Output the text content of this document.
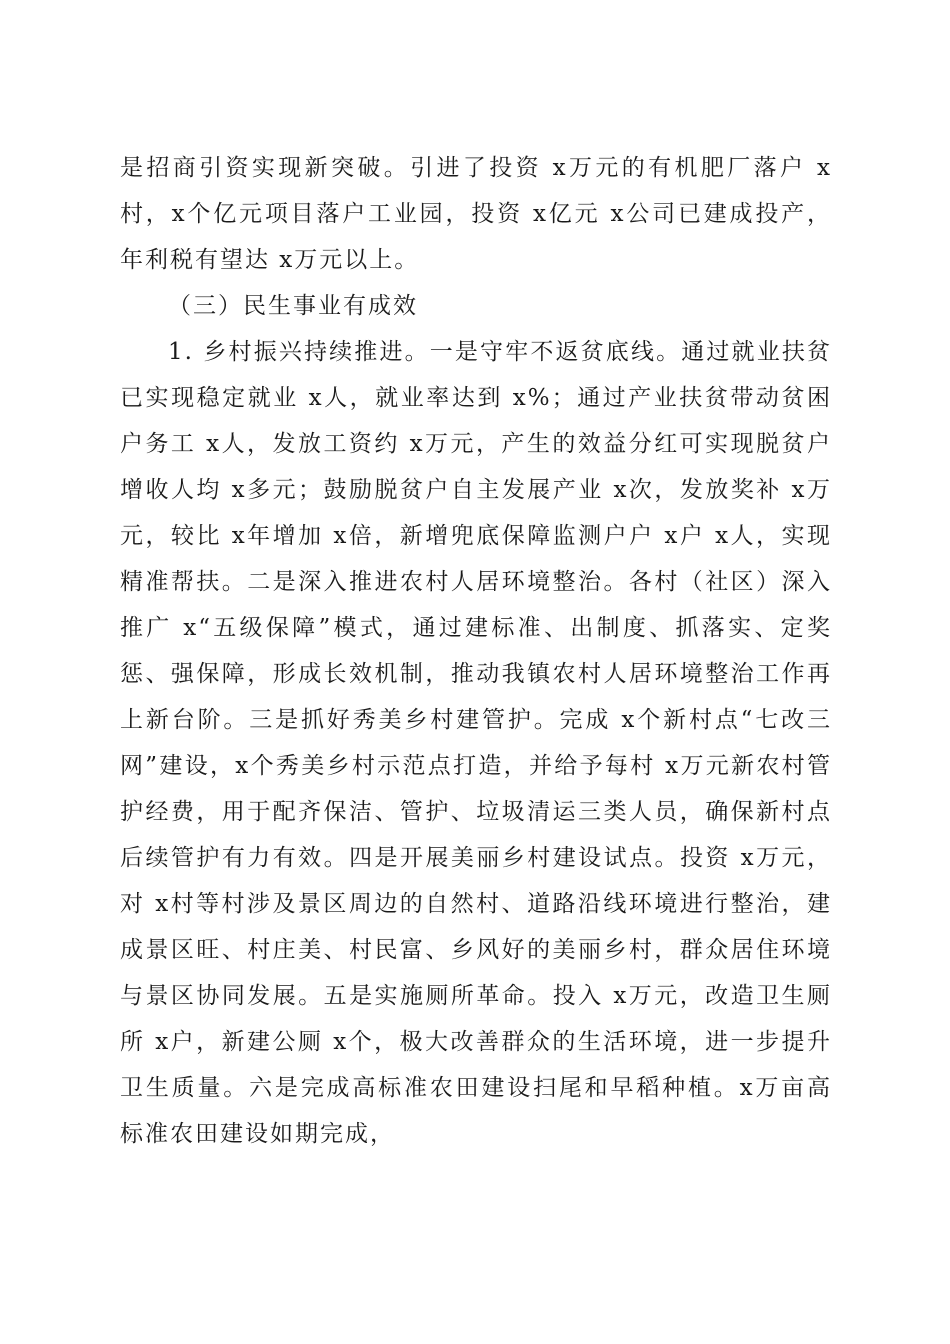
是招商引资实现新突破。引进了投资 x万元的有机肥厂落户 x村，x个亿元项目落户工业园，投资 x亿元 x公司已建成投产，年利税有望达 x万元以上。

（三）民生事业有成效

1. 乡村振兴持续推进。一是守牢不返贫底线。通过就业扶贫已实现稳定就业 x人，就业率达到 x%；通过产业扶贫带动贫困户务工 x人，发放工资约 x万元，产生的效益分红可实现脱贫户增收人均 x多元；鼓励脱贫户自主发展产业 x次，发放奖补 x万元，较比 x年增加 x倍，新增兜底保障监测户户 x户 x人，实现精准帮扶。二是深入推进农村人居环境整治。各村（社区）深入推广 x“五级保障”模式，通过建标准、出制度、抓落实、定奖惩、强保障，形成长效机制，推动我镇农村人居环境整治工作再上新台阶。三是抓好秀美乡村建管护。完成 x个新村点“七改三网”建设，x个秀美乡村示范点打造，并给予每村 x万元新农村管护经费，用于配齐保洁、管护、垃圾清运三类人员，确保新村点后续管护有力有效。四是开展美丽乡村建设试点。投资 x万元，对 x村等村涉及景区周边的自然村、道路沿线环境进行整治，建成景区旺、村庄美、村民富、乡风好的美丽乡村，群众居住环境与景区协同发展。五是实施厕所革命。投入 x万元，改造卫生厕所 x户，新建公厕 x个，极大改善群众的生活环境，进一步提升卫生质量。六是完成高标准农田建设扫尾和早稻种植。x万亩高标准农田建设如期完成，
